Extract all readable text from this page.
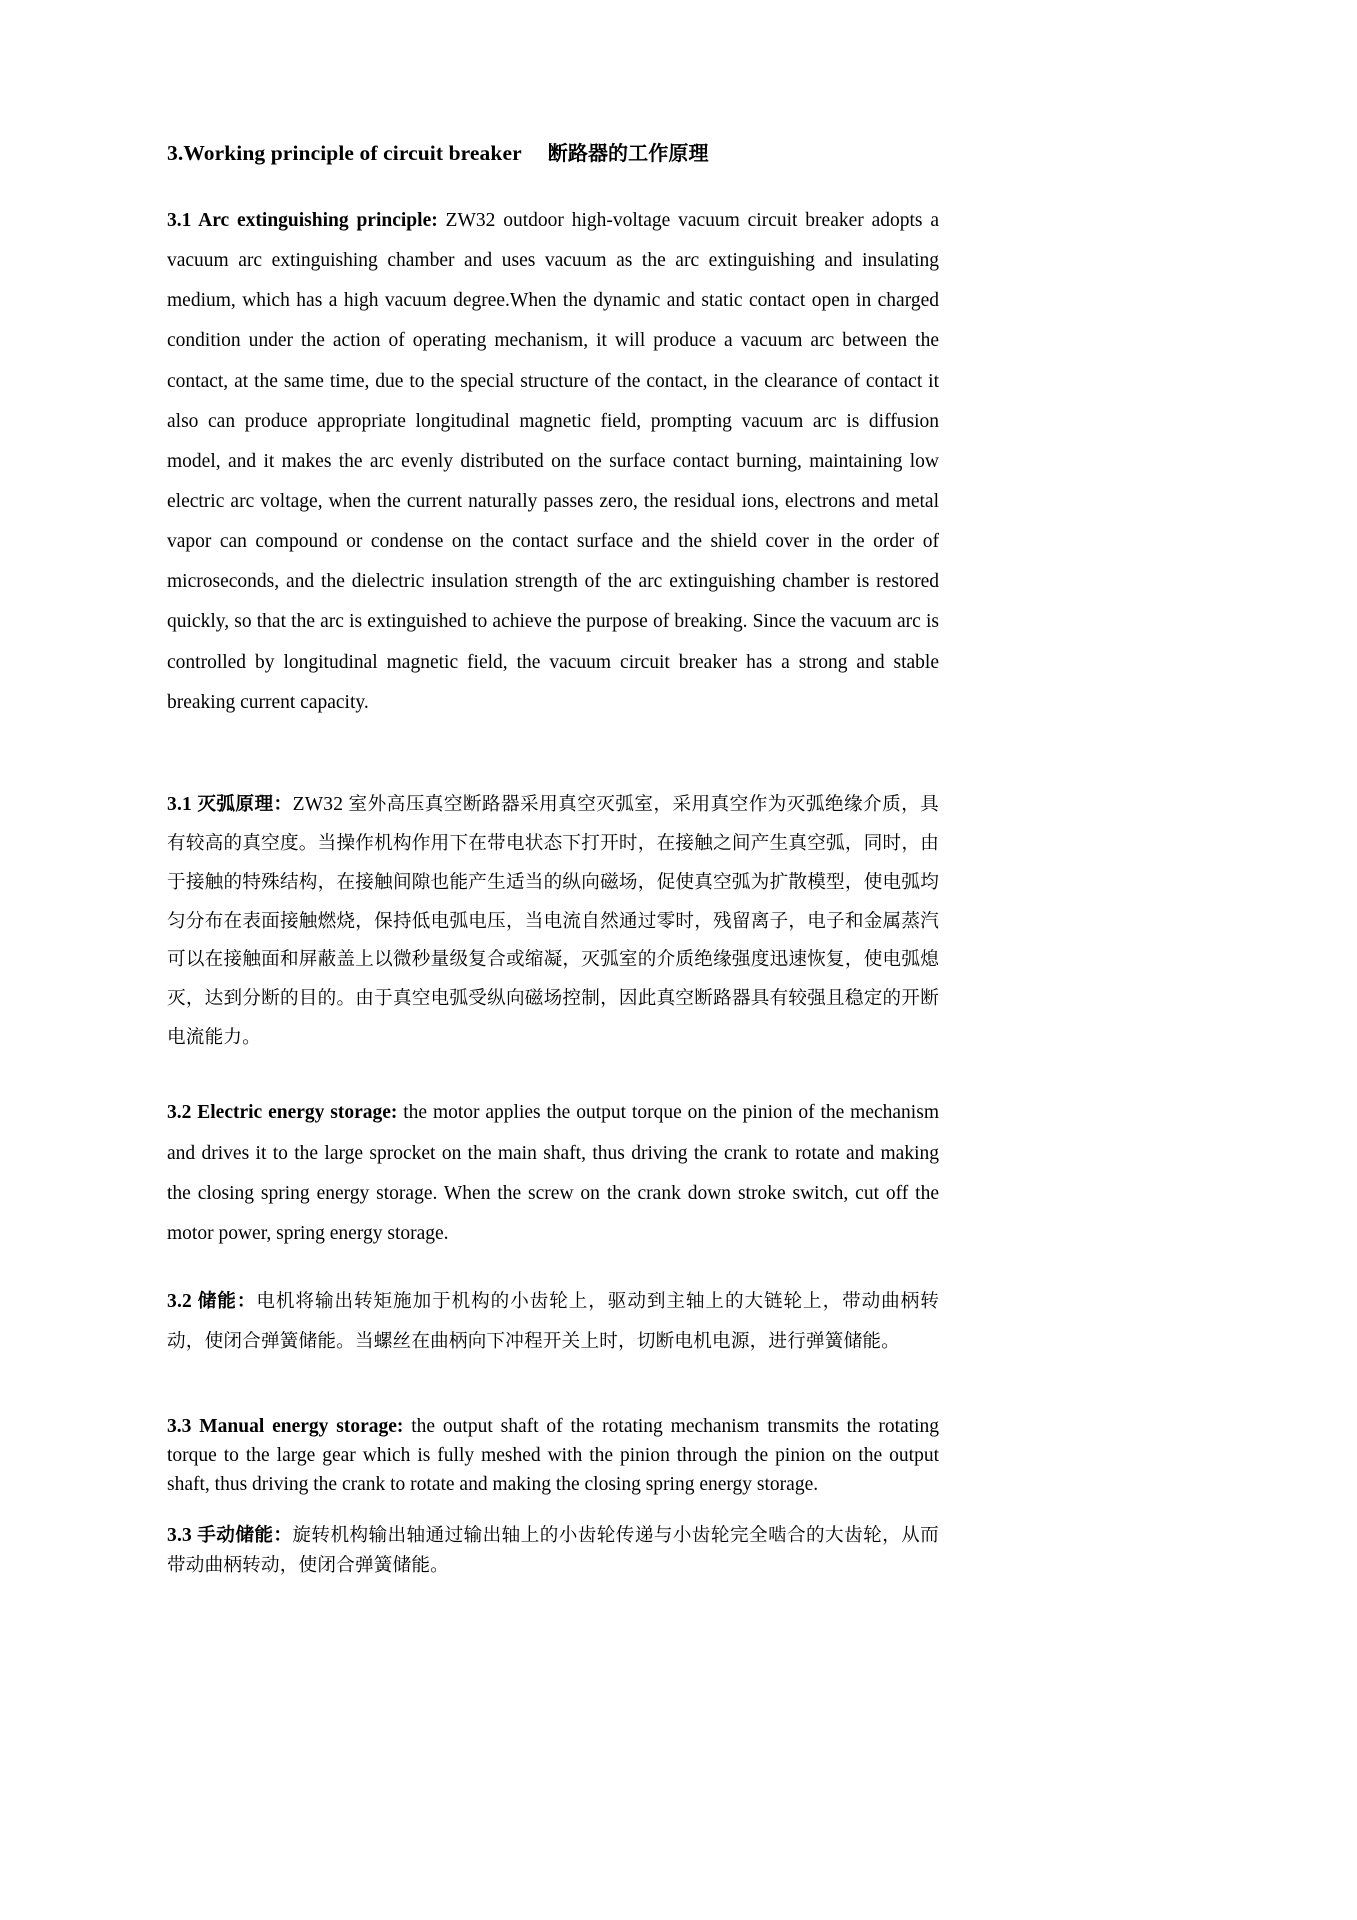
3.Working principle of circuit breaker 断路器的工作原理

3.1 Arc extinguishing principle: ZW32 outdoor high-voltage vacuum circuit breaker adopts a vacuum arc extinguishing chamber and uses vacuum as the arc extinguishing and insulating medium, which has a high vacuum degree.When the dynamic and static contact open in charged condition under the action of operating mechanism, it will produce a vacuum arc between the contact, at the same time, due to the special structure of the contact, in the clearance of contact it also can produce appropriate longitudinal magnetic field, prompting vacuum arc is diffusion model, and it makes the arc evenly distributed on the surface contact burning, maintaining low electric arc voltage, when the current naturally passes zero, the residual ions, electrons and metal vapor can compound or condense on the contact surface and the shield cover in the order of microseconds, and the dielectric insulation strength of the arc extinguishing chamber is restored quickly, so that the arc is extinguished to achieve the purpose of breaking. Since the vacuum arc is controlled by longitudinal magnetic field, the vacuum circuit breaker has a strong and stable breaking current capacity.

3.1 灭弧原理：ZW32 室外高压真空断路器采用真空灭弧室，采用真空作为灭弧绝缘介质，具有较高的真空度。当操作机构作用下在带电状态下打开时，在接触之间产生真空弧，同时，由于接触的特殊结构，在接触间隙也能产生适当的纵向磁场，促使真空弧为扩散模型，使电弧均匀分布在表面接触燃烧，保持低电弧电压，当电流自然通过零时，残留离子，电子和金属蒸汽可以在接触面和屏蔽盖上以微秒量级复合或缩凝，灭弧室的介质绝缘强度迅速恢复，使电弧熄灭，达到分断的目的。由于真空电弧受纵向磁场控制，因此真空断路器具有较强且稳定的开断电流能力。

3.2 Electric energy storage: the motor applies the output torque on the pinion of the mechanism and drives it to the large sprocket on the main shaft, thus driving the crank to rotate and making the closing spring energy storage. When the screw on the crank down stroke switch, cut off the motor power, spring energy storage.

3.2 储能：电机将输出转矩施加于机构的小齿轮上，驱动到主轴上的大链轮上，带动曲柄转动，使闭合弹簧储能。当螺丝在曲柄向下冲程开关上时，切断电机电源，进行弹簧储能。

3.3 Manual energy storage: the output shaft of the rotating mechanism transmits the rotating torque to the large gear which is fully meshed with the pinion through the pinion on the output shaft, thus driving the crank to rotate and making the closing spring energy storage.

3.3 手动储能：旋转机构输出轴通过输出轴上的小齿轮传递与小齿轮完全啮合的大齿轮，从而带动曲柄转动，使闭合弹簧储能。
